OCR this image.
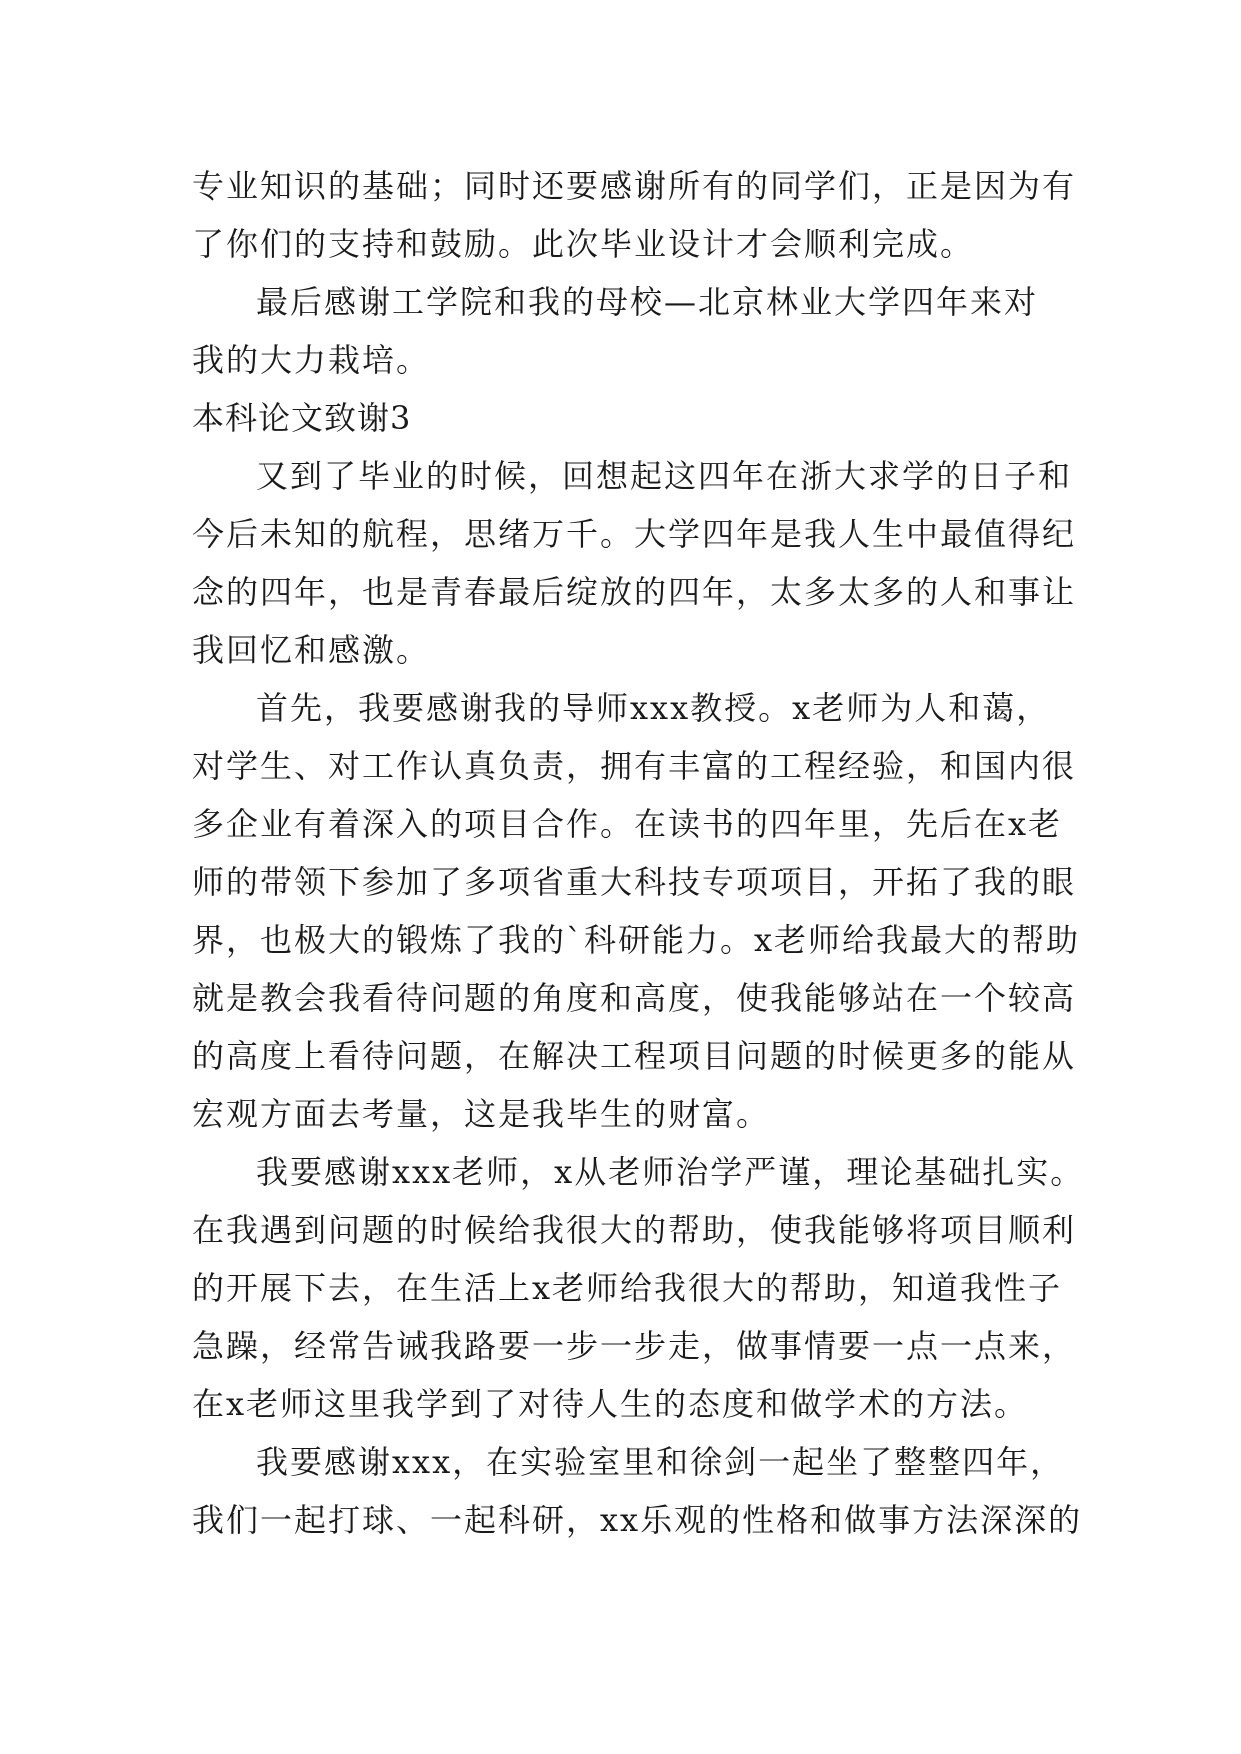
专业知识的基础；同时还要感谢所有的同学们，正是因为有
了你们的支持和鼓励。此次毕业设计才会顺利完成。
最后感谢工学院和我的母校—北京林业大学四年来对
我的大力栽培。
本科论文致谢3
又到了毕业的时候，回想起这四年在浙大求学的日子和
今后未知的航程，思绪万千。大学四年是我人生中最值得纪
念的四年，也是青春最后绽放的四年，太多太多的人和事让
我回忆和感激。
首先，我要感谢我的导师xxx教授。x老师为人和蔼，
对学生、对工作认真负责，拥有丰富的工程经验，和国内很
多企业有着深入的项目合作。在读书的四年里，先后在x老
师的带领下参加了多项省重大科技专项项目，开拓了我的眼
界，也极大的锻炼了我的`科研能力。x老师给我最大的帮助
就是教会我看待问题的角度和高度，使我能够站在一个较高
的高度上看待问题，在解决工程项目问题的时候更多的能从
宏观方面去考量，这是我毕生的财富。
我要感谢xxx老师，x从老师治学严谨，理论基础扎实。
在我遇到问题的时候给我很大的帮助，使我能够将项目顺利
的开展下去，在生活上x老师给我很大的帮助，知道我性子
急躁，经常告诫我路要一步一步走，做事情要一点一点来，
在x老师这里我学到了对待人生的态度和做学术的方法。
我要感谢xxx，在实验室里和徐剑一起坐了整整四年，
我们一起打球、一起科研，xx乐观的性格和做事方法深深的
